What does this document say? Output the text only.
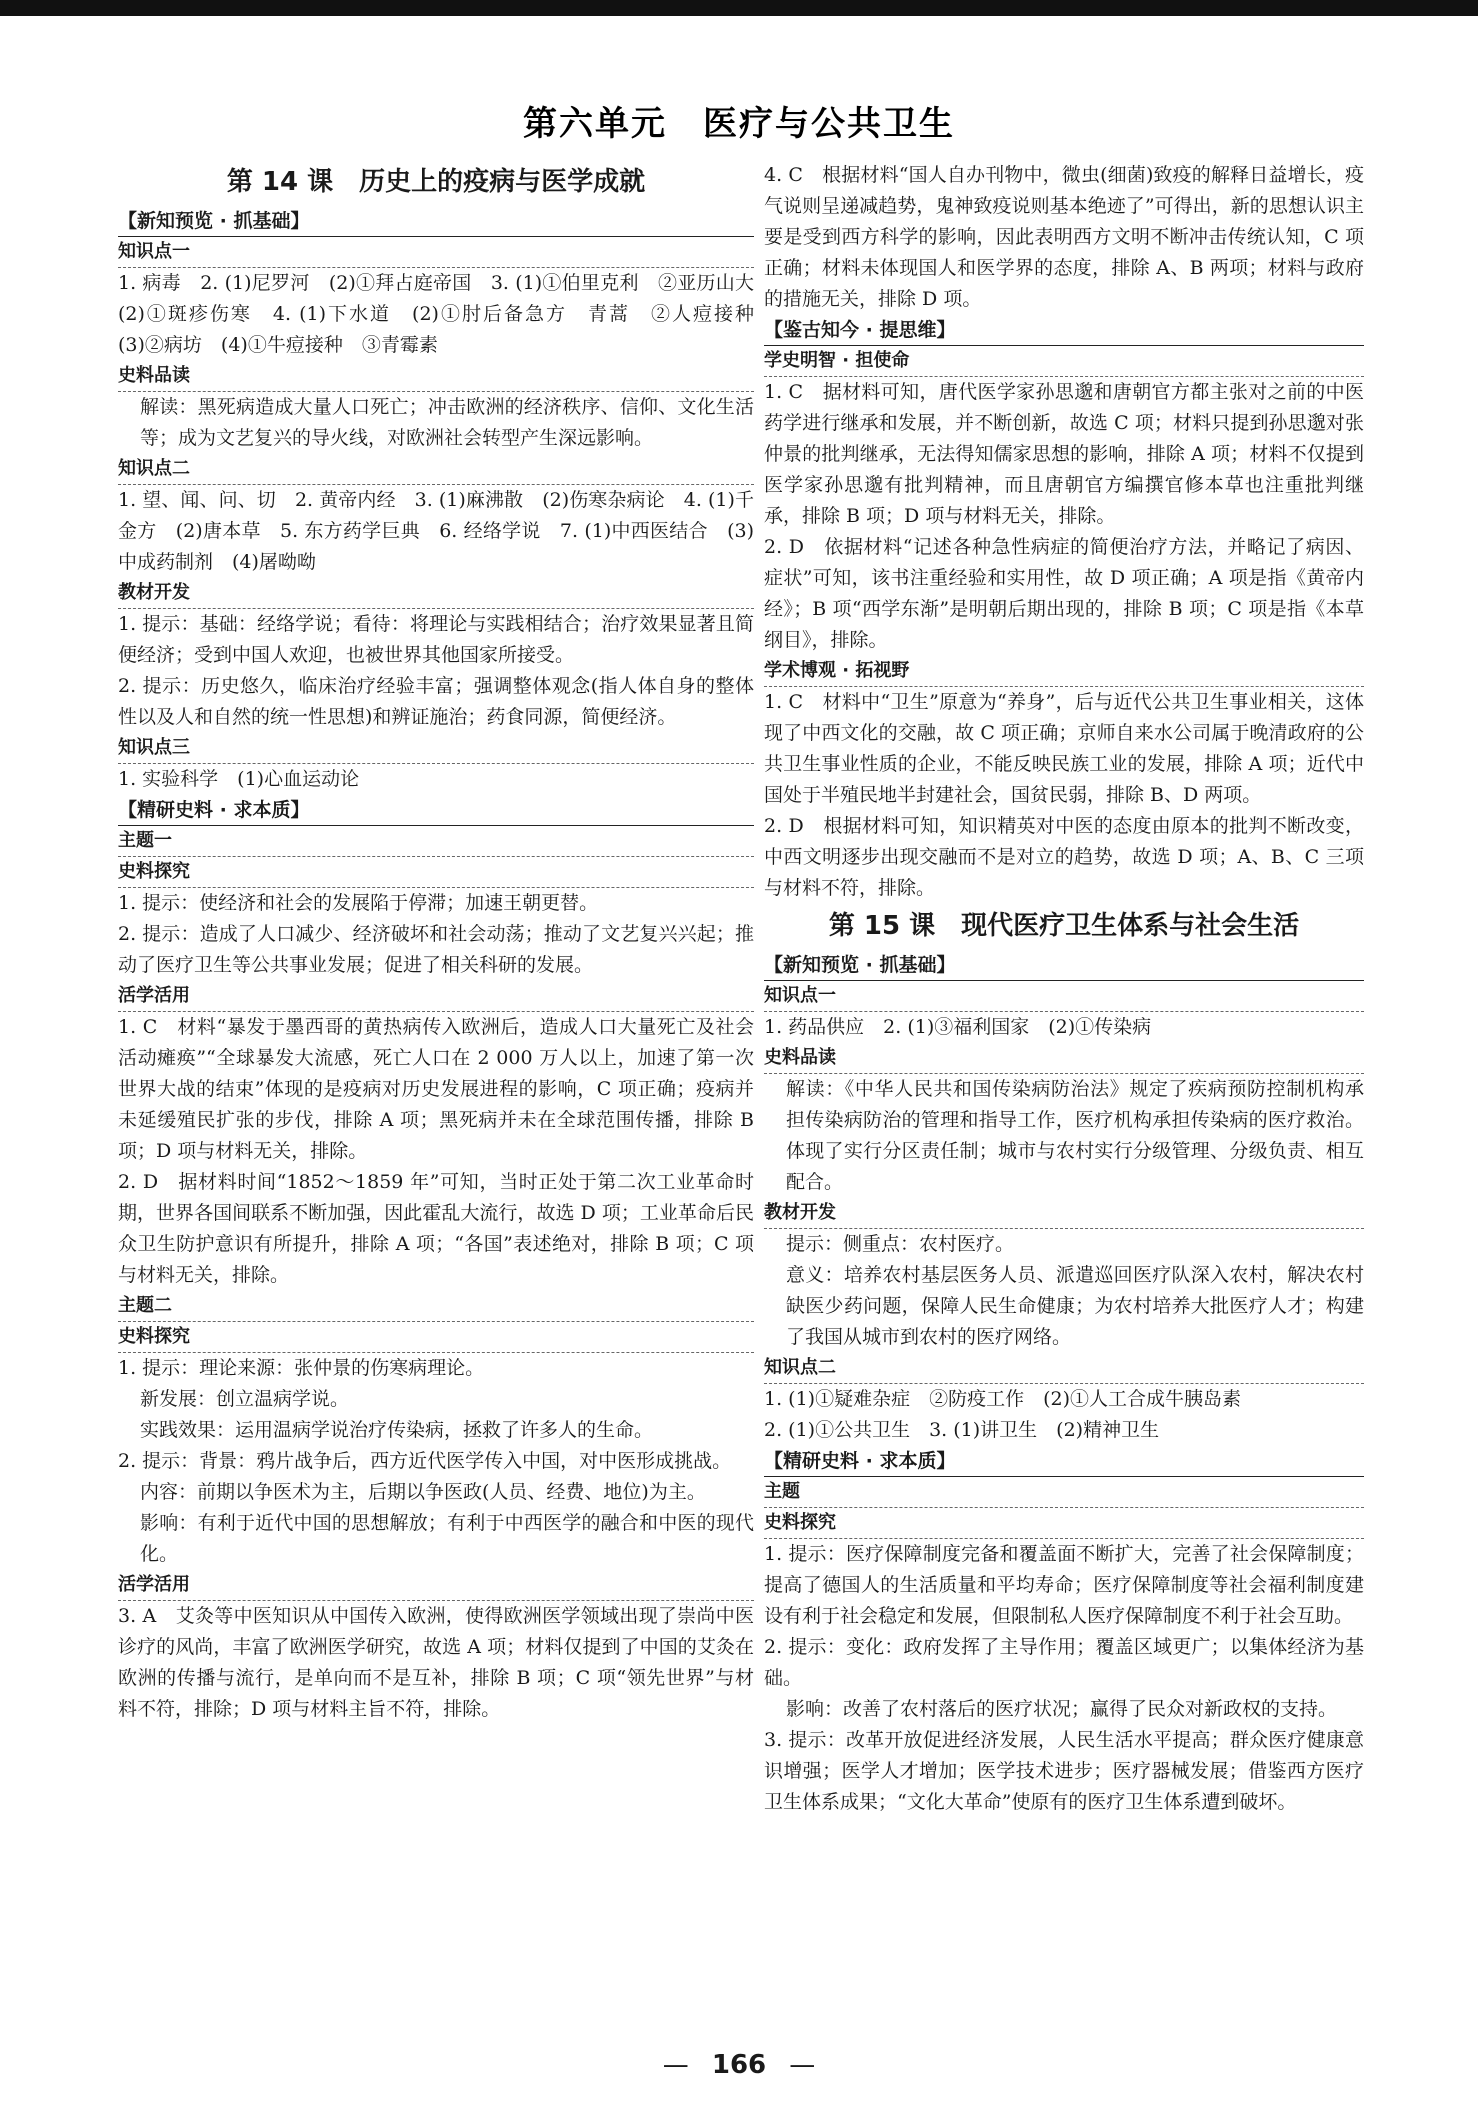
第六单元　医疗与公共卫生
第 14 课　历史上的疫病与医学成就
【新知预览 · 抓基础】
知识点一

1. 病毒　2. (1)尼罗河　(2)①拜占庭帝国　3. (1)①伯里克利　②亚历山大　(2)①斑疹伤寒　4. (1)下水道　(2)①肘后备急方　青蒿　②人痘接种　(3)②病坊　(4)①牛痘接种　③青霉素

史料品读

解读：黑死病造成大量人口死亡；冲击欧洲的经济秩序、信仰、文化生活等；成为文艺复兴的导火线，对欧洲社会转型产生深远影响。

知识点二

1. 望、闻、问、切　2. 黄帝内经　3. (1)麻沸散　(2)伤寒杂病论　4. (1)千金方　(2)唐本草　5. 东方药学巨典　6. 经络学说　7. (1)中西医结合　(3)中成药制剂　(4)屠呦呦

教材开发

1. 提示：基础：经络学说；看待：将理论与实践相结合；治疗效果显著且简便经济；受到中国人欢迎，也被世界其他国家所接受。

2. 提示：历史悠久，临床治疗经验丰富；强调整体观念(指人体自身的整体性以及人和自然的统一性思想)和辨证施治；药食同源，简便经济。

知识点三

1. 实验科学　(1)心血运动论

【精研史料 · 求本质】
主题一
史料探究

1. 提示：使经济和社会的发展陷于停滞；加速王朝更替。

2. 提示：造成了人口减少、经济破坏和社会动荡；推动了文艺复兴兴起；推动了医疗卫生等公共事业发展；促进了相关科研的发展。

活学活用

1. C　材料“暴发于墨西哥的黄热病传入欧洲后，造成人口大量死亡及社会活动瘫痪”“全球暴发大流感，死亡人口在 2 000 万人以上，加速了第一次世界大战的结束”体现的是疫病对历史发展进程的影响，C 项正确；疫病并未延缓殖民扩张的步伐，排除 A 项；黑死病并未在全球范围传播，排除 B 项；D 项与材料无关，排除。

2. D　据材料时间“1852～1859 年”可知，当时正处于第二次工业革命时期，世界各国间联系不断加强，因此霍乱大流行，故选 D 项；工业革命后民众卫生防护意识有所提升，排除 A 项；“各国”表述绝对，排除 B 项；C 项与材料无关，排除。

主题二
史料探究

1. 提示：理论来源：张仲景的伤寒病理论。

新发展：创立温病学说。

实践效果：运用温病学说治疗传染病，拯救了许多人的生命。

2. 提示：背景：鸦片战争后，西方近代医学传入中国，对中医形成挑战。

内容：前期以争医术为主，后期以争医政(人员、经费、地位)为主。

影响：有利于近代中国的思想解放；有利于中西医学的融合和中医的现代化。

活学活用

3. A　艾灸等中医知识从中国传入欧洲，使得欧洲医学领域出现了崇尚中医诊疗的风尚，丰富了欧洲医学研究，故选 A 项；材料仅提到了中国的艾灸在欧洲的传播与流行，是单向而不是互补，排除 B 项；C 项“领先世界”与材料不符，排除；D 项与材料主旨不符，排除。

4. C　根据材料“国人自办刊物中，微虫(细菌)致疫的解释日益增长，疫气说则呈递减趋势，鬼神致疫说则基本绝迹了”可得出，新的思想认识主要是受到西方科学的影响，因此表明西方文明不断冲击传统认知，C 项正确；材料未体现国人和医学界的态度，排除 A、B 两项；材料与政府的措施无关，排除 D 项。

【鉴古知今 · 提思维】
学史明智 · 担使命

1. C　据材料可知，唐代医学家孙思邈和唐朝官方都主张对之前的中医药学进行继承和发展，并不断创新，故选 C 项；材料只提到孙思邈对张仲景的批判继承，无法得知儒家思想的影响，排除 A 项；材料不仅提到医学家孙思邈有批判精神，而且唐朝官方编撰官修本草也注重批判继承，排除 B 项；D 项与材料无关，排除。

2. D　依据材料“记述各种急性病症的简便治疗方法，并略记了病因、症状”可知，该书注重经验和实用性，故 D 项正确；A 项是指《黄帝内经》；B 项“西学东渐”是明朝后期出现的，排除 B 项；C 项是指《本草纲目》，排除。

学术博观 · 拓视野

1. C　材料中“卫生”原意为“养身”，后与近代公共卫生事业相关，这体现了中西文化的交融，故 C 项正确；京师自来水公司属于晚清政府的公共卫生事业性质的企业，不能反映民族工业的发展，排除 A 项；近代中国处于半殖民地半封建社会，国贫民弱，排除 B、D 两项。

2. D　根据材料可知，知识精英对中医的态度由原本的批判不断改变，中西文明逐步出现交融而不是对立的趋势，故选 D 项；A、B、C 三项与材料不符，排除。

第 15 课　现代医疗卫生体系与社会生活
【新知预览 · 抓基础】
知识点一

1. 药品供应　2. (1)③福利国家　(2)①传染病

史料品读

解读：《中华人民共和国传染病防治法》规定了疾病预防控制机构承担传染病防治的管理和指导工作，医疗机构承担传染病的医疗救治。体现了实行分区责任制；城市与农村实行分级管理、分级负责、相互配合。

教材开发

提示：侧重点：农村医疗。

意义：培养农村基层医务人员、派遣巡回医疗队深入农村，解决农村缺医少药问题，保障人民生命健康；为农村培养大批医疗人才；构建了我国从城市到农村的医疗网络。

知识点二

1. (1)①疑难杂症　②防疫工作　(2)①人工合成牛胰岛素

2. (1)①公共卫生　3. (1)讲卫生　(2)精神卫生

【精研史料 · 求本质】
主题
史料探究

1. 提示：医疗保障制度完备和覆盖面不断扩大，完善了社会保障制度；提高了德国人的生活质量和平均寿命；医疗保障制度等社会福利制度建设有利于社会稳定和发展，但限制私人医疗保障制度不利于社会互助。

2. 提示：变化：政府发挥了主导作用；覆盖区域更广；以集体经济为基础。

影响：改善了农村落后的医疗状况；赢得了民众对新政权的支持。

3. 提示：改革开放促进经济发展，人民生活水平提高；群众医疗健康意识增强；医学人才增加；医学技术进步；医疗器械发展；借鉴西方医疗卫生体系成果；“文化大革命”使原有的医疗卫生体系遭到破坏。

— 166 —
